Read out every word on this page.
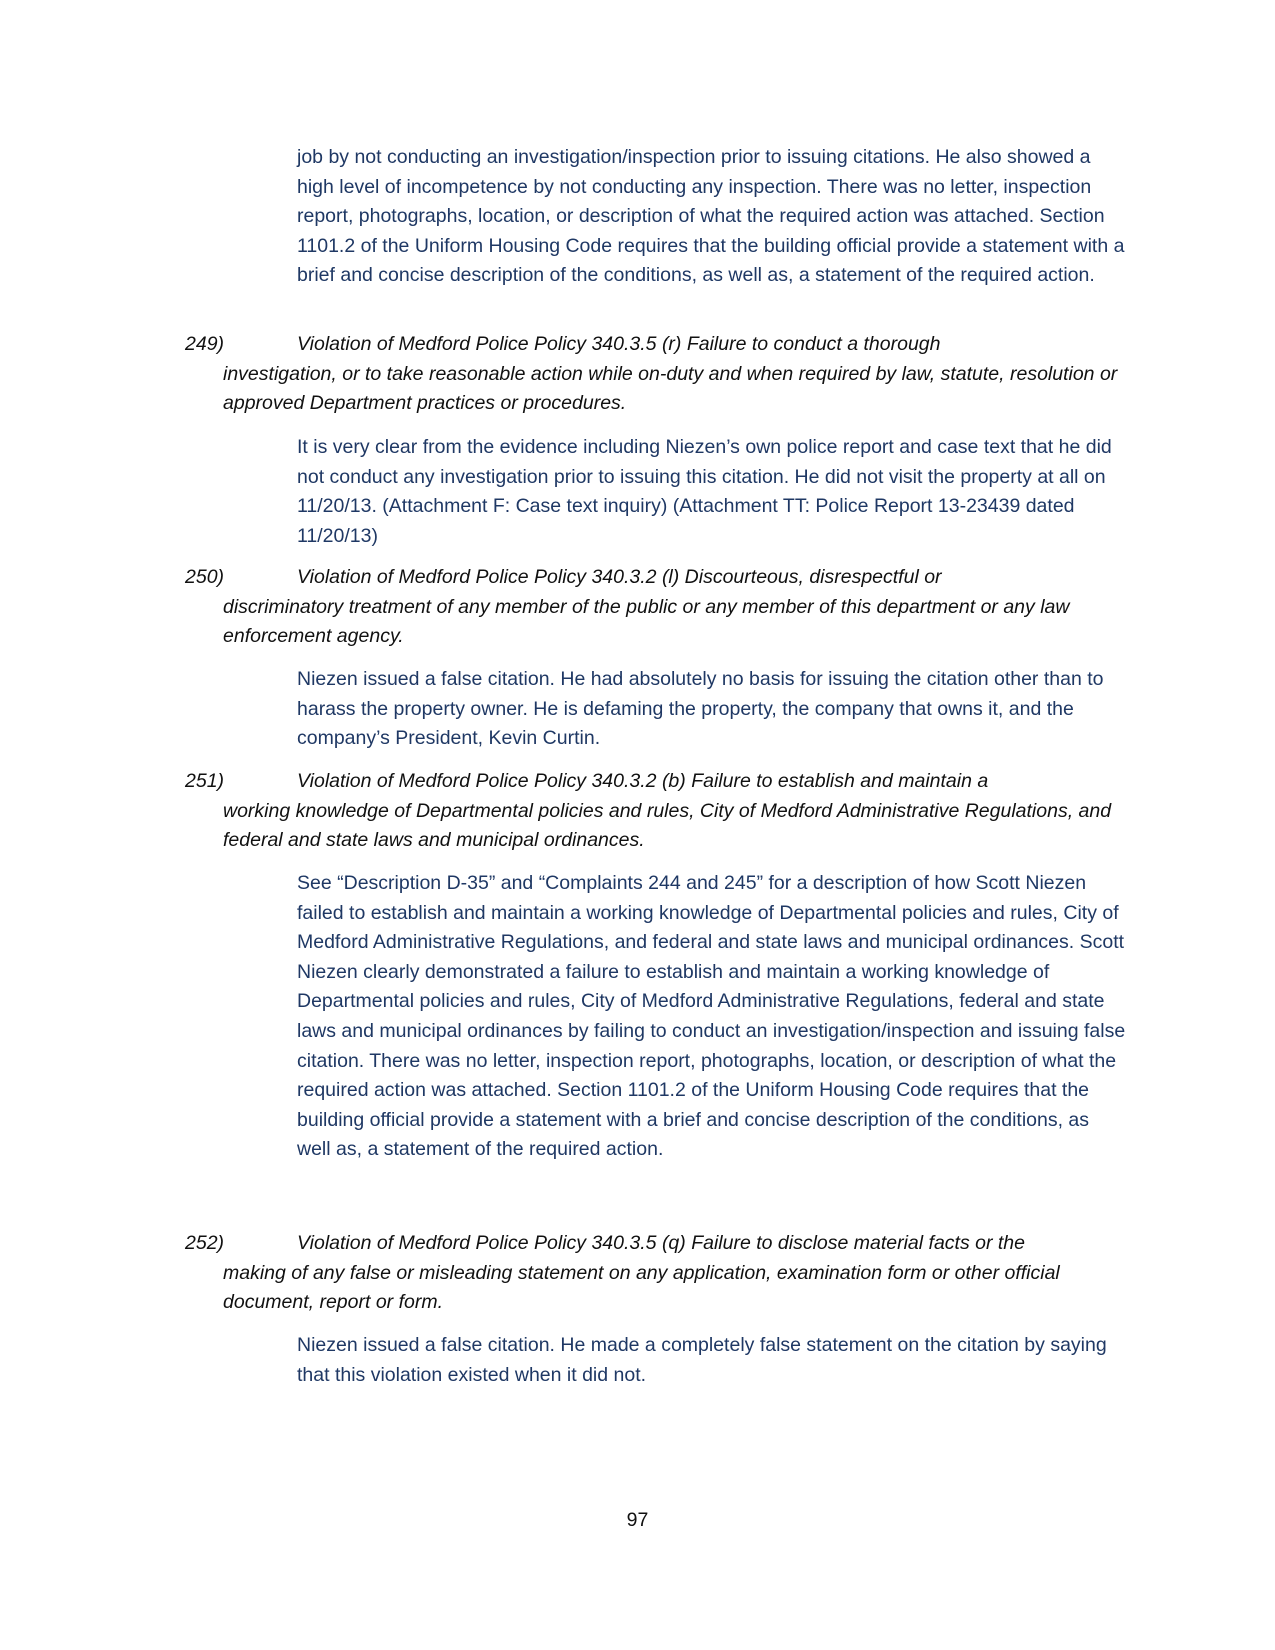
job by not conducting an investigation/inspection prior to issuing citations. He also showed a high level of incompetence by not conducting any inspection. There was no letter, inspection report, photographs, location, or description of what the required action was attached. Section 1101.2 of the Uniform Housing Code requires that the building official provide a statement with a brief and concise description of the conditions, as well as, a statement of the required action.

249)	Violation of Medford Police Policy 340.3.5 (r) Failure to conduct a thorough
investigation, or to take reasonable action while on-duty and when required by law, statute, resolution or approved Department practices or procedures.

It is very clear from the evidence including Niezen’s own police report and case text that he did not conduct any investigation prior to issuing this citation. He did not visit the property at all on 11/20/13. (Attachment F: Case text inquiry) (Attachment TT: Police Report 13-23439 dated 11/20/13)

250)	Violation of Medford Police Policy 340.3.2 (l) Discourteous, disrespectful or
discriminatory treatment of any member of the public or any member of this department or any law enforcement agency.

Niezen issued a false citation. He had absolutely no basis for issuing the citation other than to harass the property owner. He is defaming the property, the company that owns it, and the company’s President, Kevin Curtin.

251)	Violation of Medford Police Policy 340.3.2 (b) Failure to establish and maintain a
working knowledge of Departmental policies and rules, City of Medford Administrative Regulations, and federal and state laws and municipal ordinances.

See “Description D-35” and “Complaints 244 and 245” for a description of how Scott Niezen failed to establish and maintain a working knowledge of Departmental policies and rules, City of Medford Administrative Regulations, and federal and state laws and municipal ordinances. Scott Niezen clearly demonstrated a failure to establish and maintain a working knowledge of Departmental policies and rules, City of Medford Administrative Regulations, federal and state laws and municipal ordinances by failing to conduct an investigation/inspection and issuing false citation. There was no letter, inspection report, photographs, location, or description of what the required action was attached. Section 1101.2 of the Uniform Housing Code requires that the building official provide a statement with a brief and concise description of the conditions, as well as, a statement of the required action.

252)	Violation of Medford Police Policy 340.3.5 (q) Failure to disclose material facts or the
making of any false or misleading statement on any application, examination form or other official document, report or form.

Niezen issued a false citation. He made a completely false statement on the citation by saying that this violation existed when it did not.

97
